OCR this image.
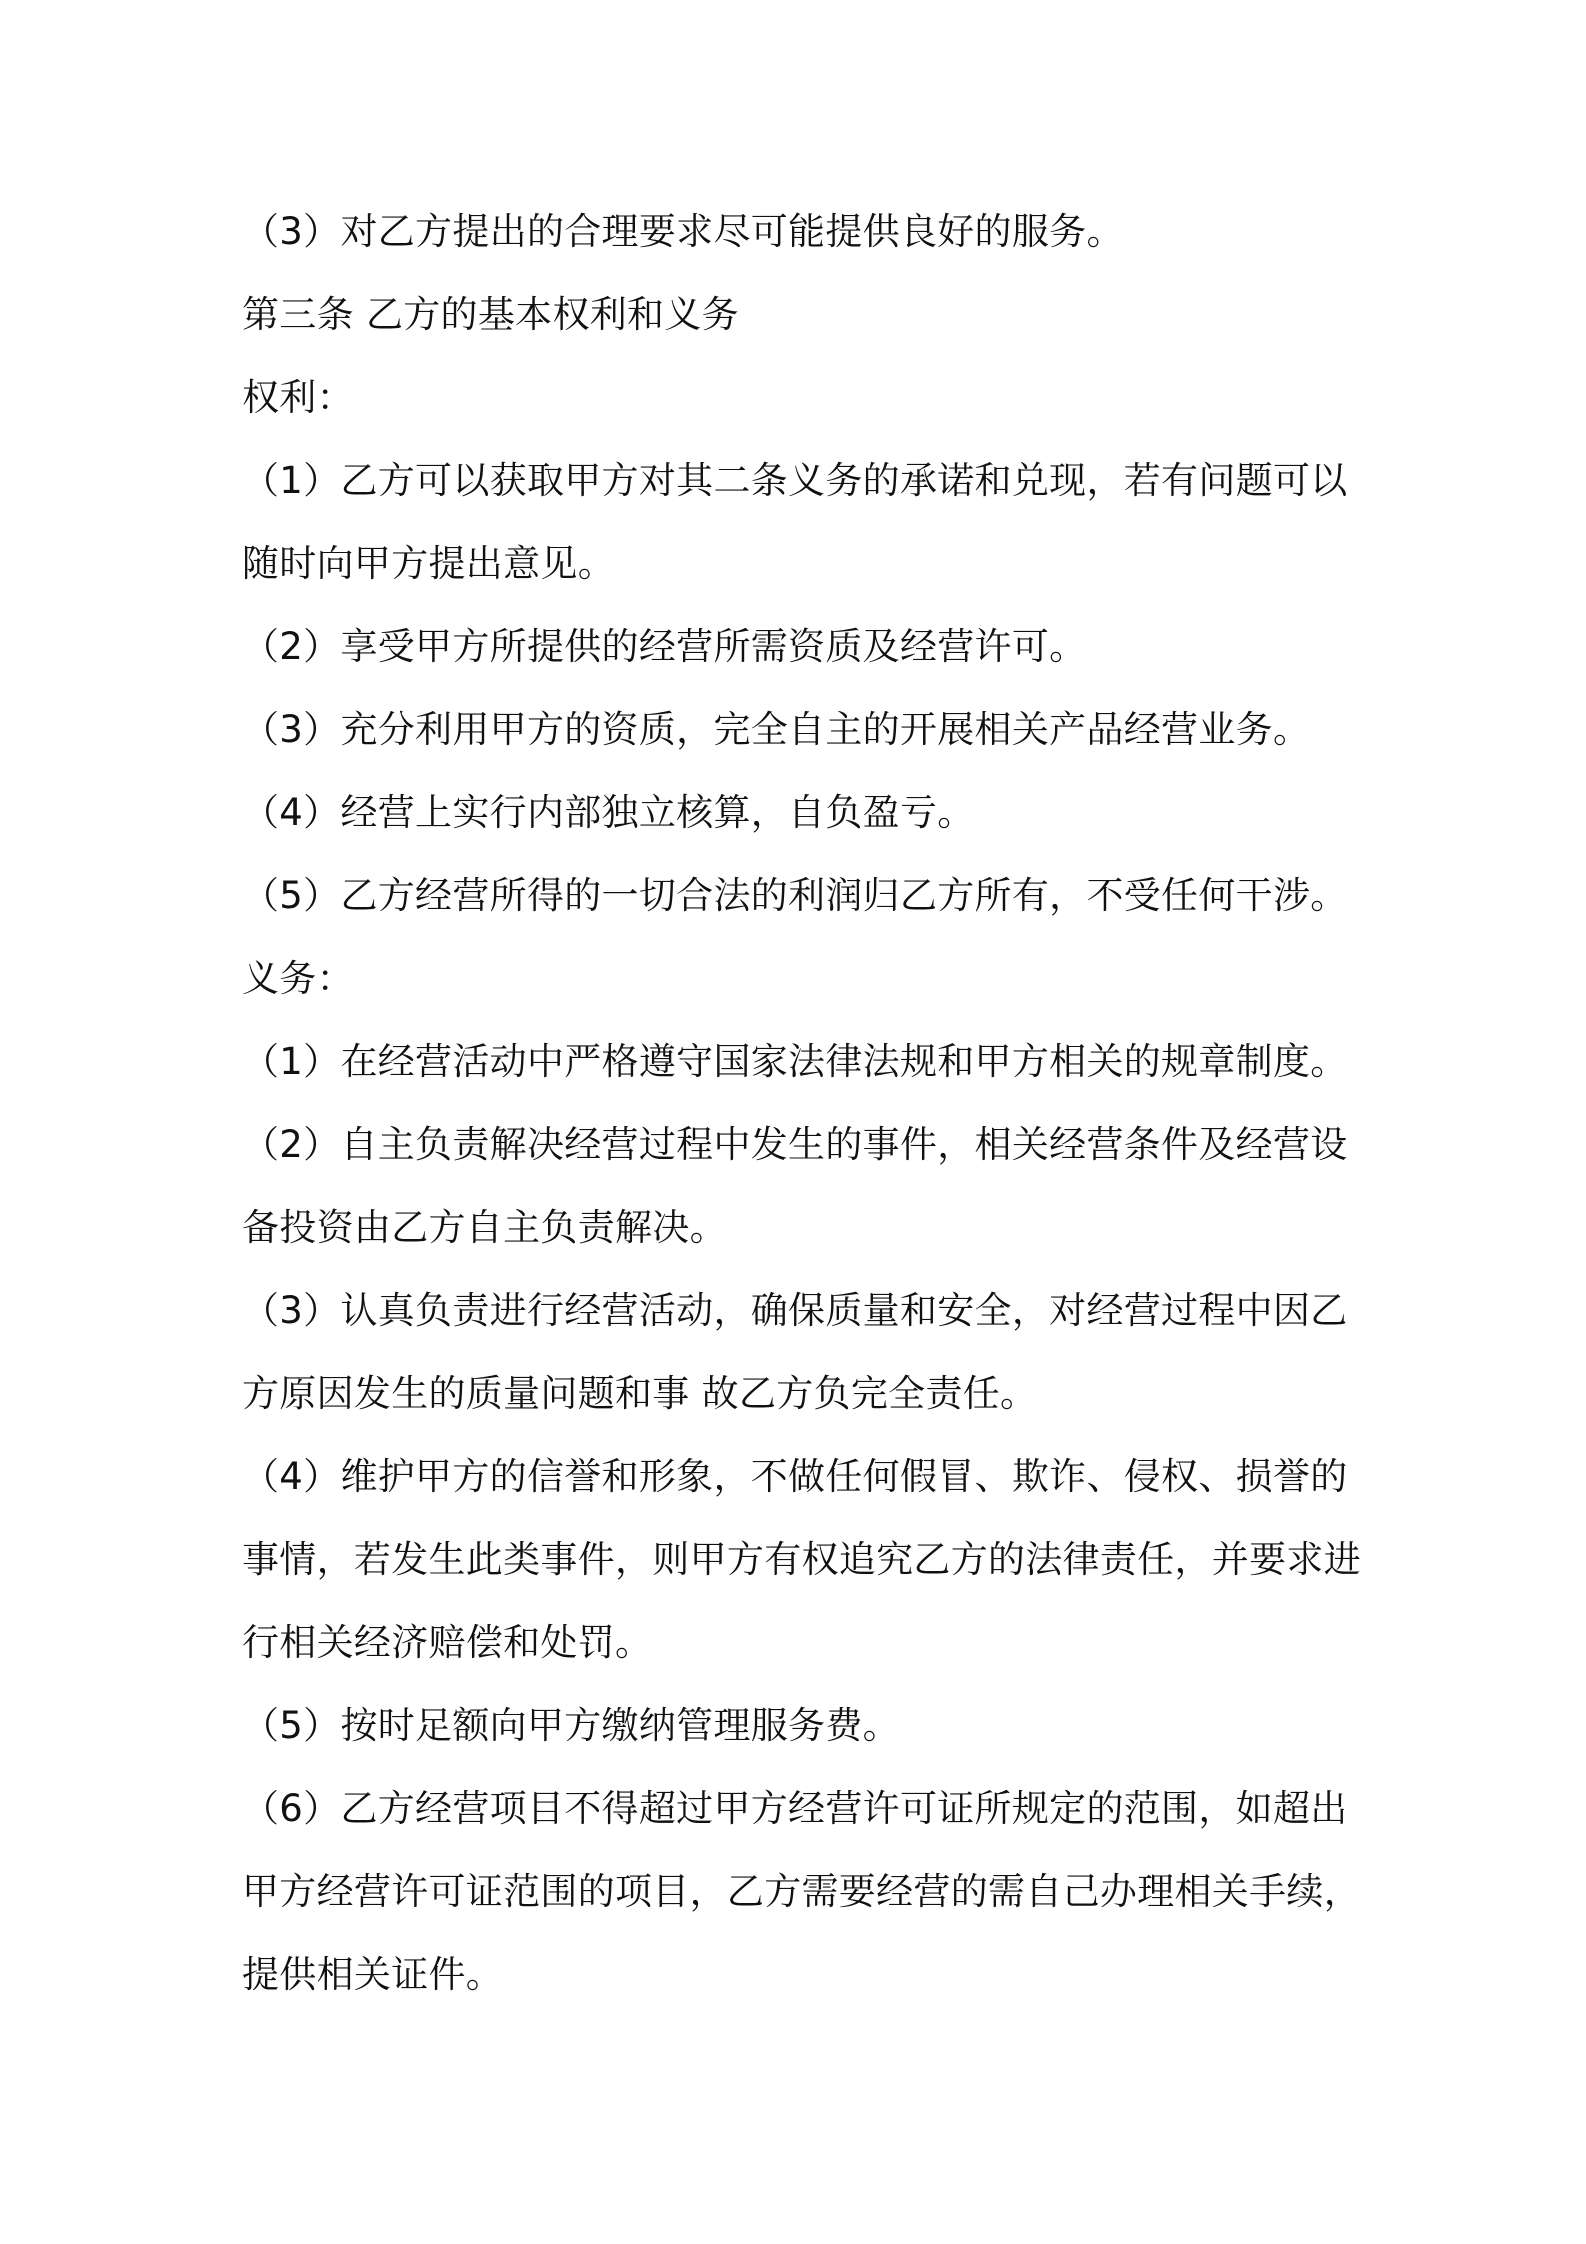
（3）对乙方提出的合理要求尽可能提供良好的服务。
第三条 乙方的基本权利和义务
权利：
（1）乙方可以获取甲方对其二条义务的承诺和兑现，若有问题可以
随时向甲方提出意见。
（2）享受甲方所提供的经营所需资质及经营许可。
（3）充分利用甲方的资质，完全自主的开展相关产品经营业务。
（4）经营上实行内部独立核算，自负盈亏。
（5）乙方经营所得的一切合法的利润归乙方所有，不受任何干涉。
义务：
（1）在经营活动中严格遵守国家法律法规和甲方相关的规章制度。
（2）自主负责解决经营过程中发生的事件，相关经营条件及经营设
备投资由乙方自主负责解决。
（3）认真负责进行经营活动，确保质量和安全，对经营过程中因乙
方原因发生的质量问题和事 故乙方负完全责任。
（4）维护甲方的信誉和形象，不做任何假冒、欺诈、侵权、损誉的
事情，若发生此类事件，则甲方有权追究乙方的法律责任，并要求进
行相关经济赔偿和处罚。
（5）按时足额向甲方缴纳管理服务费。
（6）乙方经营项目不得超过甲方经营许可证所规定的范围，如超出
甲方经营许可证范围的项目，乙方需要经营的需自己办理相关手续，
提供相关证件。
